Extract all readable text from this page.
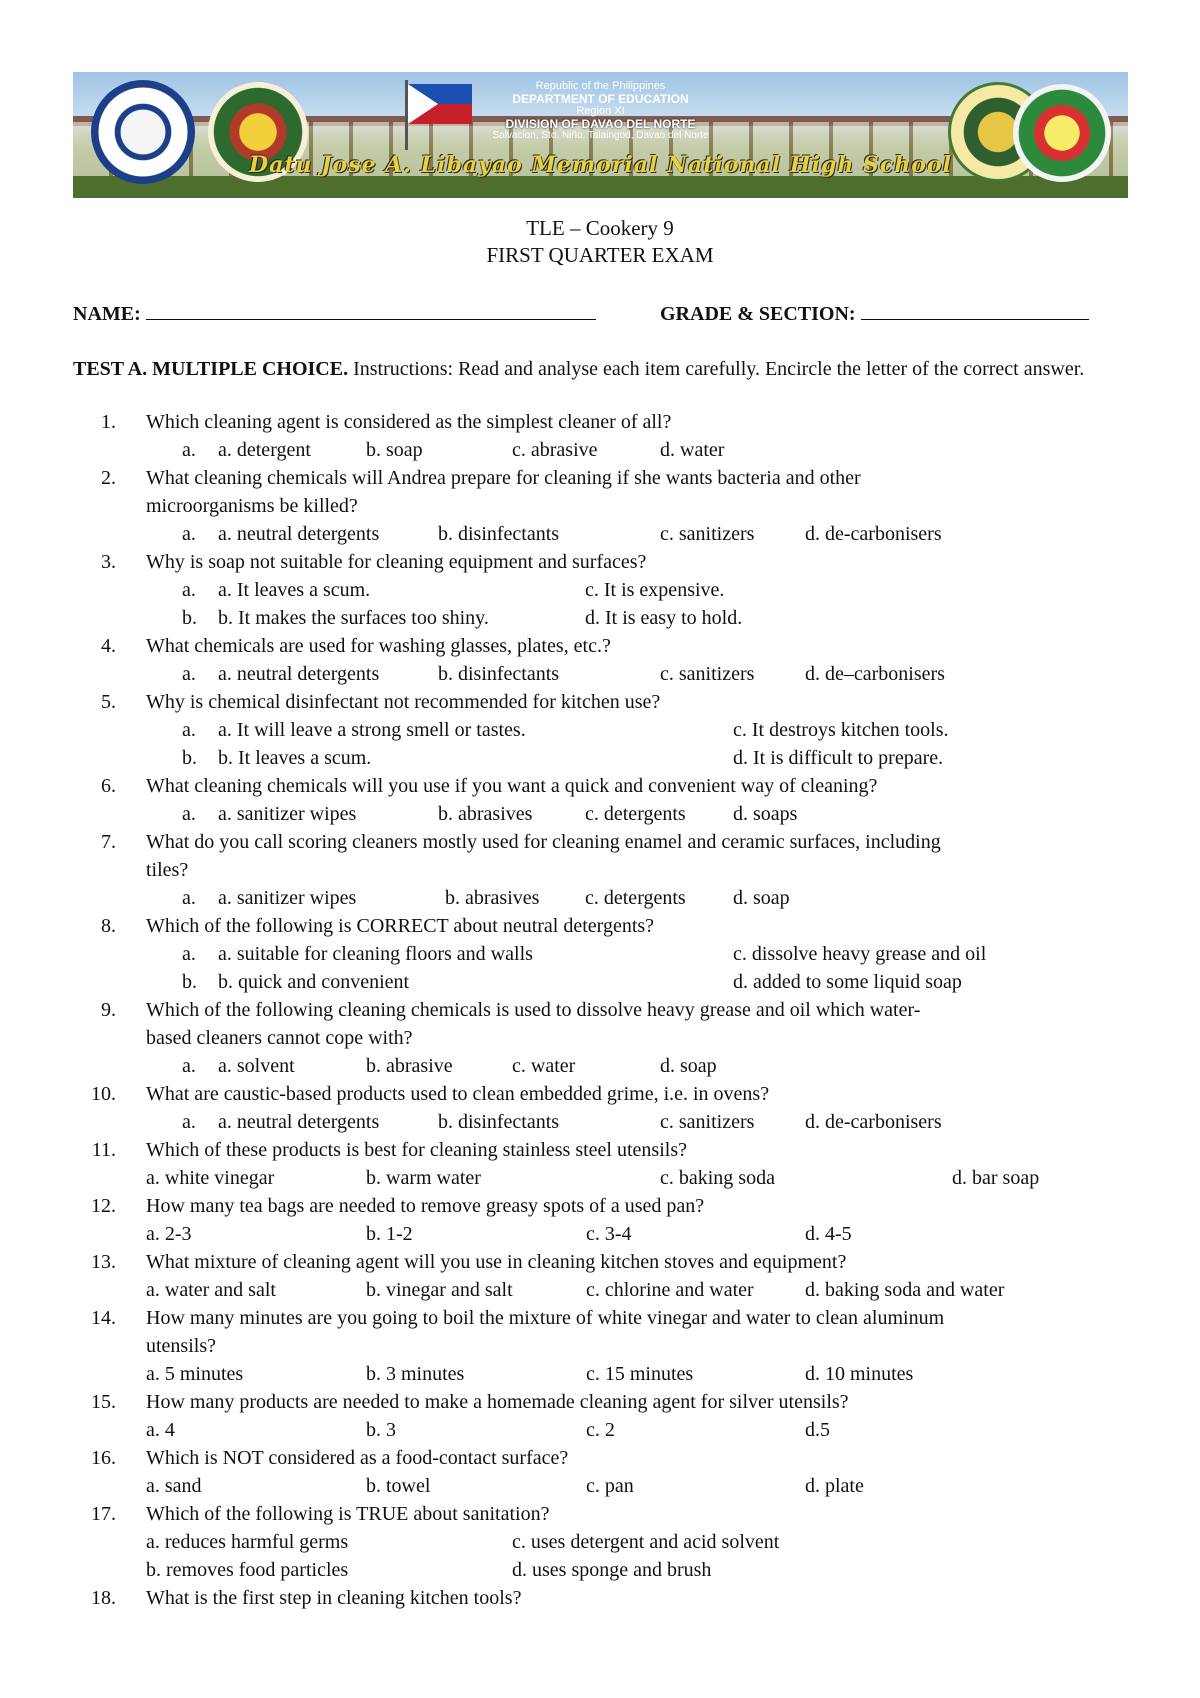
Republic of the Philippines
DEPARTMENT OF EDUCATION
Region XI
DIVISION OF DAVAO DEL NORTE
Salvacion, Sto. Niño, Talaingod, Davao del Norte
Datu Jose A. Libayao Memorial National High School
TLE – Cookery 9
FIRST QUARTER EXAM
NAME:	GRADE & SECTION:
TEST A. MULTIPLE CHOICE. Instructions: Read and analyse each item carefully. Encircle the letter of the correct answer.
1. Which cleaning agent is considered as the simplest cleaner of all?
a. a. detergent	b. soap	c. abrasive	d. water
2. What cleaning chemicals will Andrea prepare for cleaning if she wants bacteria and other
microorganisms be killed?
a. a. neutral detergents	b. disinfectants	c. sanitizers	d. de-carbonisers
3. Why is soap not suitable for cleaning equipment and surfaces?
a. a. It leaves a scum.	c. It is expensive.
b. b. It makes the surfaces too shiny.	d. It is easy to hold.
4. What chemicals are used for washing glasses, plates, etc.?
a. a. neutral detergents	b. disinfectants	c. sanitizers	d. de–carbonisers
5. Why is chemical disinfectant not recommended for kitchen use?
a. a. It will leave a strong smell or tastes.	c. It destroys kitchen tools.
b. b. It leaves a scum.	d. It is difficult to prepare.
6. What cleaning chemicals will you use if you want a quick and convenient way of cleaning?
a. a. sanitizer wipes	b. abrasives	c. detergents d. soaps
7. What do you call scoring cleaners mostly used for cleaning enamel and ceramic surfaces, including
tiles?
a. a. sanitizer wipes	b. abrasives c. detergents d. soap
8. Which of the following is CORRECT about neutral detergents?
a. a. suitable for cleaning floors and walls	c. dissolve heavy grease and oil
b. b. quick and convenient	d. added to some liquid soap
9. Which of the following cleaning chemicals is used to dissolve heavy grease and oil which water-
based cleaners cannot cope with?
a. a. solvent	b. abrasive	c. water	d. soap
10. What are caustic-based products used to clean embedded grime, i.e. in ovens?
a. a. neutral detergents	b. disinfectants	c. sanitizers	d. de-carbonisers
11. Which of these products is best for cleaning stainless steel utensils?
a. white vinegar	b. warm water	c. baking soda	d. bar soap
12. How many tea bags are needed to remove greasy spots of a used pan?
a. 2-3	b. 1-2	c. 3-4	d. 4-5
13. What mixture of cleaning agent will you use in cleaning kitchen stoves and equipment?
a. water and salt	b. vinegar and salt	c. chlorine and water	d. baking soda and water
14. How many minutes are you going to boil the mixture of white vinegar and water to clean aluminum
utensils?
a. 5 minutes	b. 3 minutes	c. 15 minutes	d. 10 minutes
15. How many products are needed to make a homemade cleaning agent for silver utensils?
a. 4	b. 3	c. 2	d.5
16. Which is NOT considered as a food-contact surface?
a. sand	b. towel	c. pan	d. plate
17. Which of the following is TRUE about sanitation?
a. reduces harmful germs	c. uses detergent and acid solvent
b. removes food particles	d. uses sponge and brush
18. What is the first step in cleaning kitchen tools?
